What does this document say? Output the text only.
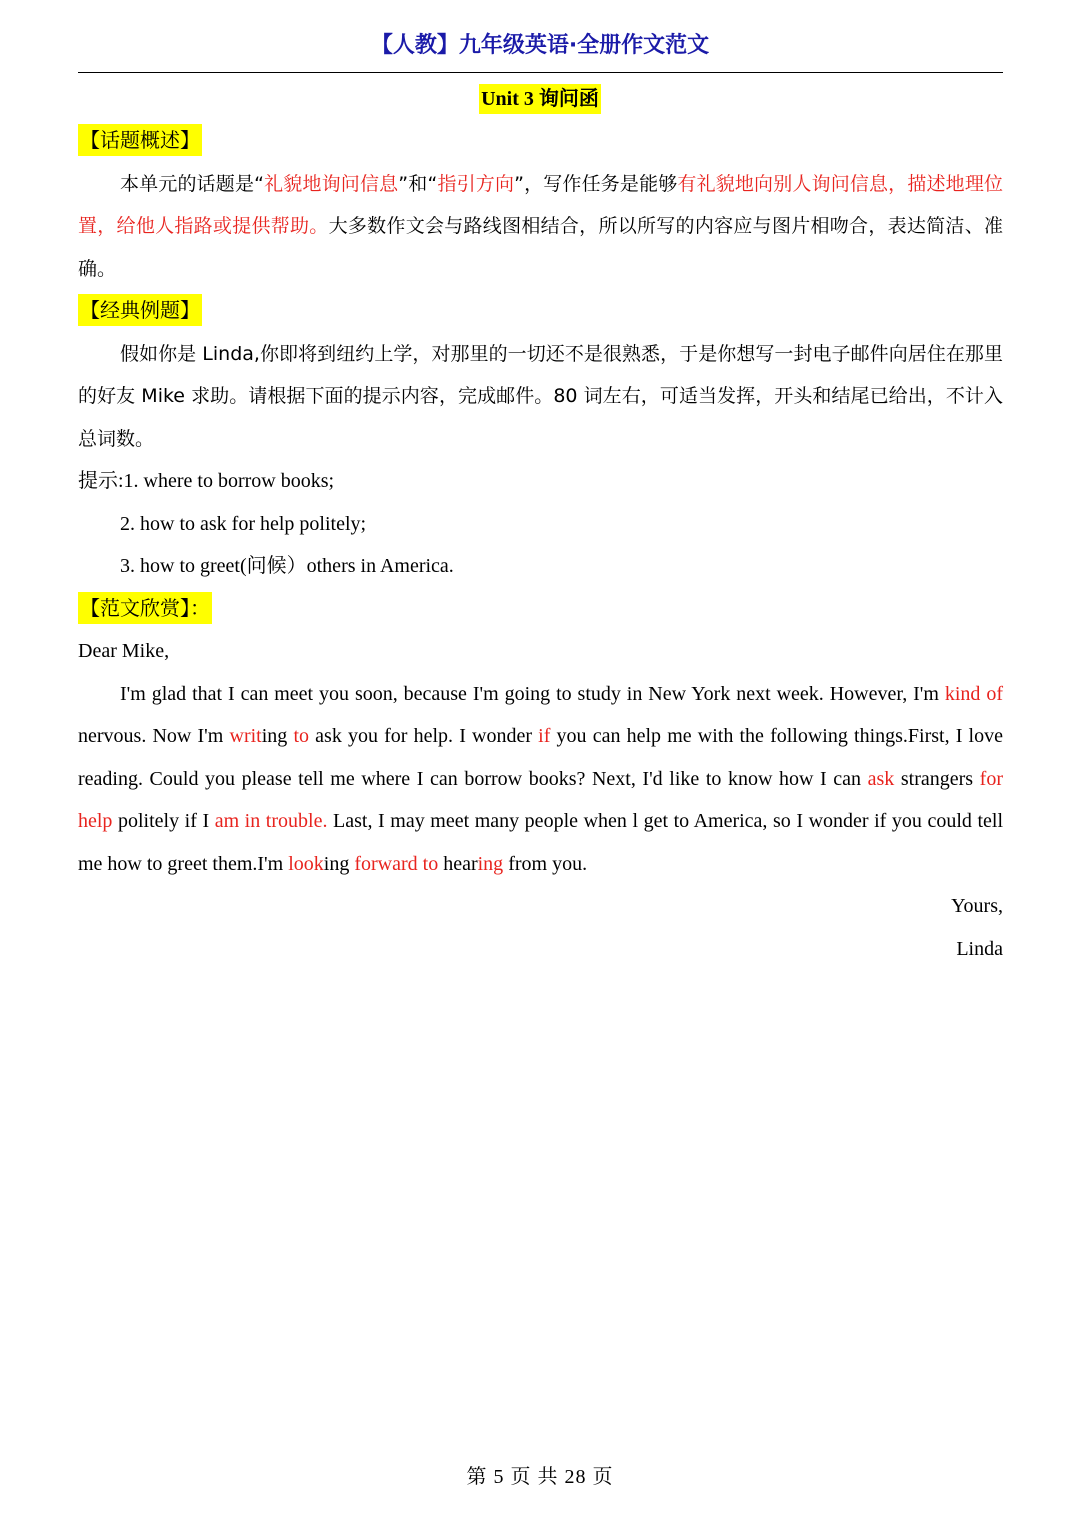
【人教】九年级英语·全册作文范文
Unit 3 询问函
【话题概述】

本单元的话题是“礼貌地询问信息”和“指引方向”，写作任务是能够有礼貌地向别人询问信息，描述地理位置，给他人指路或提供帮助。大多数作文会与路线图相结合，所以所写的内容应与图片相吻合，表达简洁、准确。

【经典例题】

假如你是 Linda,你即将到纽约上学，对那里的一切还不是很熟悉，于是你想写一封电子邮件向居住在那里的好友 Mike 求助。请根据下面的提示内容，完成邮件。80 词左右，可适当发挥，开头和结尾已给出，不计入总词数。

提示:1. where to borrow books;

2. how to ask for help politely;

3. how to greet(问候）others in America.

【范文欣赏】：

Dear Mike,

I'm glad that I can meet you soon, because I'm going to study in New York next week. However, I'm kind of nervous. Now I'm writing to ask you for help. I wonder if you can help me with the following things.First, I love reading. Could you please tell me where I can borrow books? Next, I'd like to know how I can ask strangers for help politely if I am in trouble. Last, I may meet many people when l get to America, so I wonder if you could tell me how to greet them.I'm looking forward to hearing from you.

Yours,

Linda

第 5 页 共 28 页
